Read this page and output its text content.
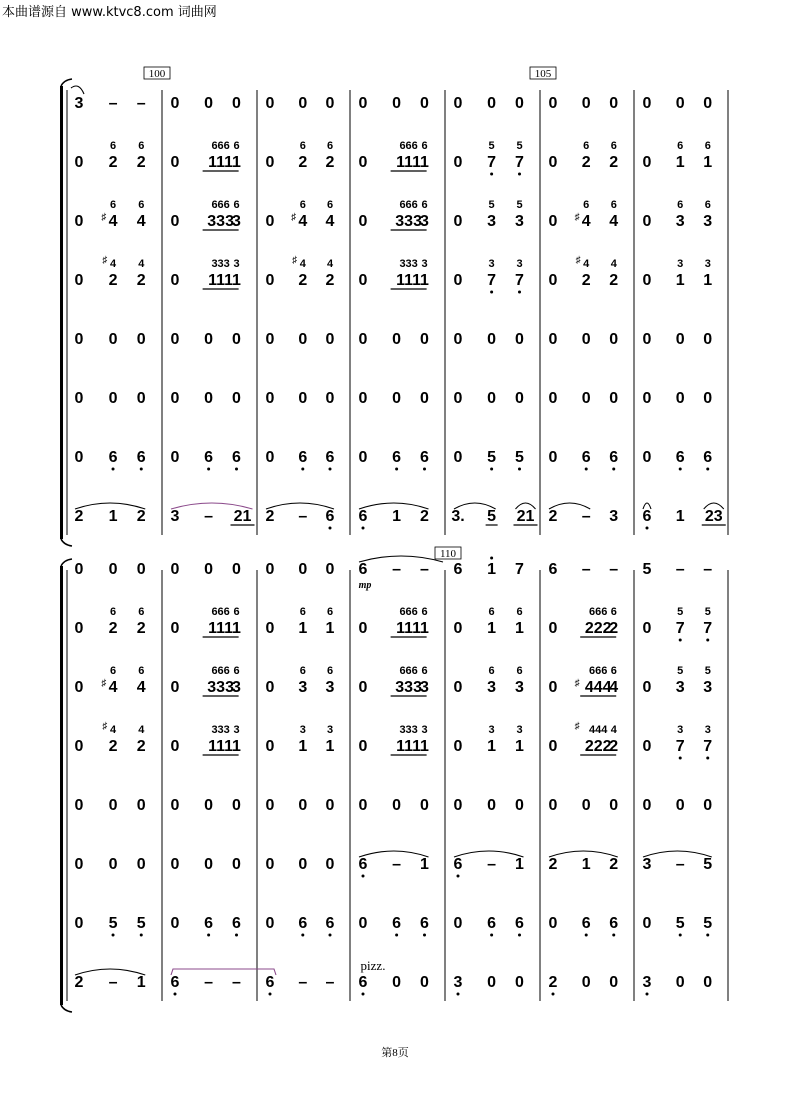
本曲谱源自 www.ktvc8.com 词曲网
100	105
3 – – 0 0 0 0 0 0 0 0 0 0 0 0 0 0 0 0 0 0
0 2
6
2
6
0 111
666
1
6
0 2
6
2
6
0 111
666
1
6
0 7
5
7
5
0 2
6
2
6
0 1
6
1
6
0 4
6
♯ 4
6
0 333
666
3
6
0 4
6
♯ 4
6
0 333
666
3
6
0 3
5
3
5
0 4
6
♯ 4
6
0 3
6
3
6
0 2
4
♯
2
4
0 111
333
1
3
0 2
4
♯
2
4
0 111
333
1
3
0 7
3
7
3
0 2
4
♯
2
4
0 1
3
1
3
0 0 0 0 0 0 0 0 0 0 0 0 0 0 0 0 0 0 0 0 0
0 0 0 0 0 0 0 0 0 0 0 0 0 0 0 0 0 0 0 0 0
0 6 6 0 6 6 0 6 6 0 6 6 0 5 5 0 6 6 0 6 6
2 1 2 3 – 21 2 – 6 6 1 2 3. 5 21 2 – 3 6 1 23
110
0 0 0 0 0 0 0 0 0 6 – –
mp
6 1 7 6 – – 5 – –
0 2
6
2
6
0 111
666
1
6
0 1
6
1
6
0 111
666
1
6
0 1
6
1
6
0 222
666
2
6
0 7
5
7
5
0 4
6
♯ 4
6
0 333
666
3
6
0 3
6
3
6
0 333
666
3
6
0 3
6
3
6
0 444
666
♯ 4
6
0 3
5
3
5
0 2
4
♯
2
4
0 111
333
1
3
0 1
3
1
3
0 111
333
1
3
0 1
3
1
3
0 222
444
♯
2
4
0 7
3
7
3
0 0 0 0 0 0 0 0 0 0 0 0 0 0 0 0 0 0 0 0 0
0 0 0 0 0 0 0 0 0 6 – 1 6 – 1 2 1 2 3 – 5
0 5 5 0 6 6 0 6 6 0 6 6 0 6 6 0 6 6 0 5 5
2 – 1 6 – – 6 – – 6 0 0
pizz.
3 0 0 2 0 0 3 0 0
第8页
